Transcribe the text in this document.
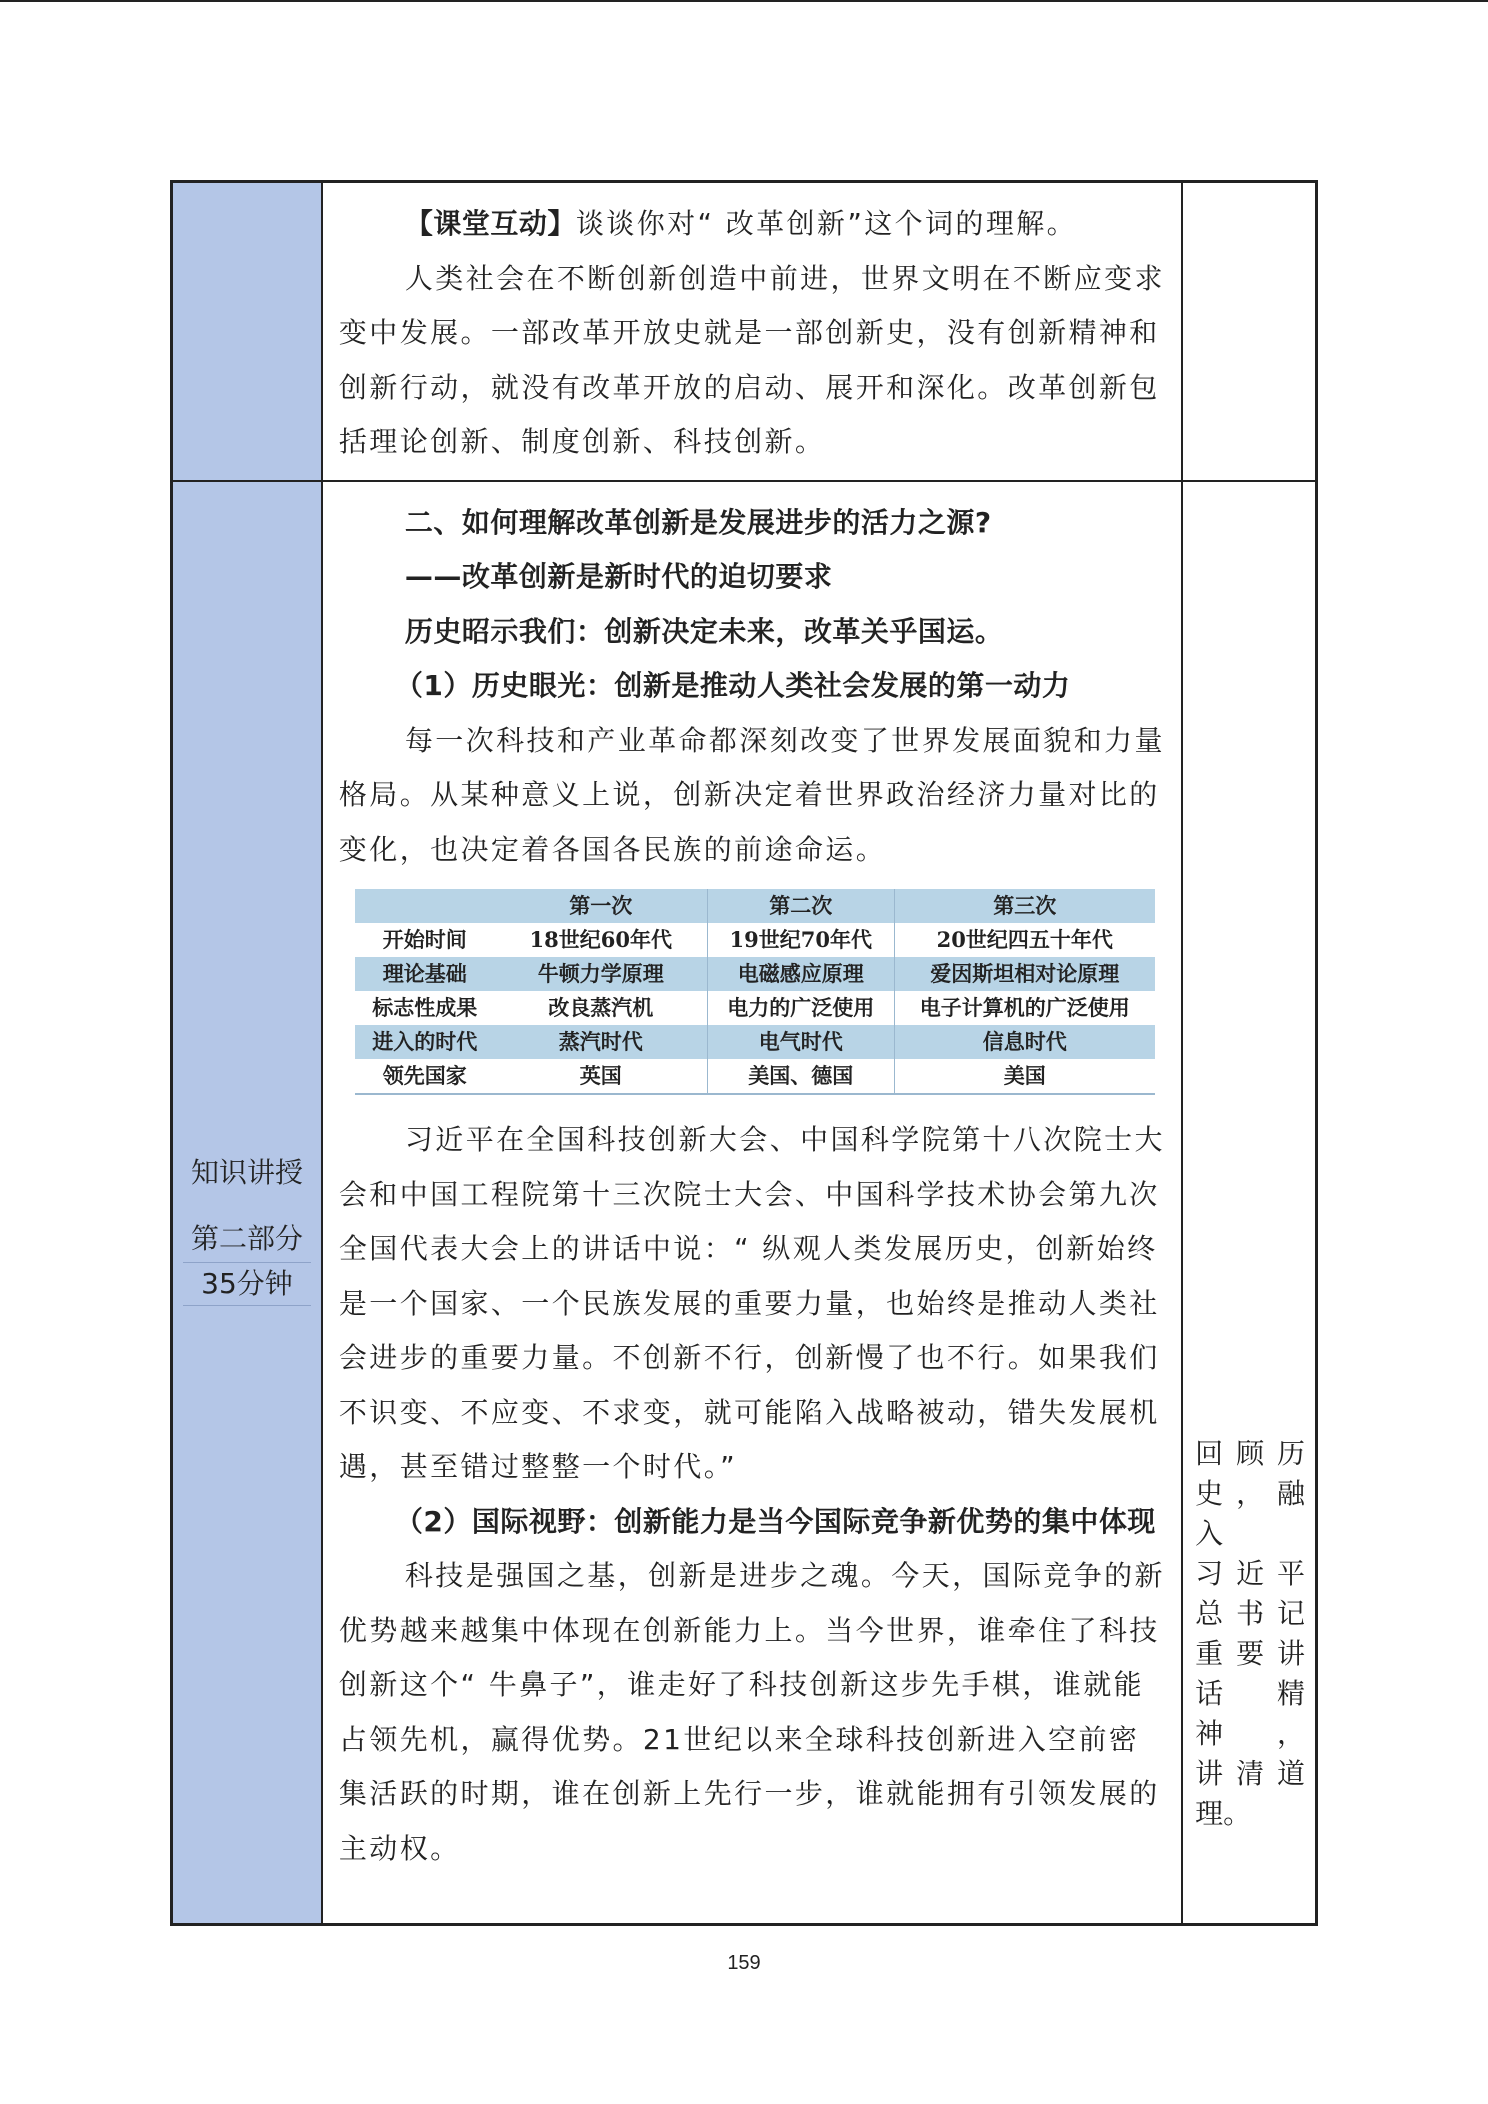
【课堂互动】谈谈你对“ 改革创新”这个词的理解。

人类社会在不断创新创造中前进，世界文明在不断应变求变中发展。一部改革开放史就是一部创新史，没有创新精神和创新行动，就没有改革开放的启动、展开和深化。改革创新包括理论创新、制度创新、科技创新。

知识讲授
第二部分
35分钟

二、如何理解改革创新是发展进步的活力之源?

——改革创新是新时代的迫切要求

历史昭示我们：创新决定未来，改革关乎国运。

（1）历史眼光：创新是推动人类社会发展的第一动力

每一次科技和产业革命都深刻改变了世界发展面貌和力量格局。从某种意义上说，创新决定着世界政治经济力量对比的变化，也决定着各国各民族的前途命运。

	第一次	第二次	第三次
开始时间	18世纪60年代	19世纪70年代	20世纪四五十年代
理论基础	牛顿力学原理	电磁感应原理	爱因斯坦相对论原理
标志性成果	改良蒸汽机	电力的广泛使用	电子计算机的广泛使用
进入的时代	蒸汽时代	电气时代	信息时代
领先国家	英国	美国、德国	美国

习近平在全国科技创新大会、中国科学院第十八次院士大会和中国工程院第十三次院士大会、中国科学技术协会第九次全国代表大会上的讲话中说：“ 纵观人类发展历史，创新始终是一个国家、一个民族发展的重要力量，也始终是推动人类社会进步的重要力量。不创新不行，创新慢了也不行。如果我们不识变、不应变、不求变，就可能陷入战略被动，错失发展机遇，甚至错过整整一个时代。”

（2）国际视野：创新能力是当今国际竞争新优势的集中体现

科技是强国之基，创新是进步之魂。今天，国际竞争的新优势越来越集中体现在创新能力上。当今世界，谁牵住了科技创新这个“ 牛鼻子”，谁走好了科技创新这步先手棋，谁就能占领先机，赢得优势。21世纪以来全球科技创新进入空前密集活跃的时期，谁在创新上先行一步，谁就能拥有引领发展的主动权。

回顾历
史，融入
习近平
总书记
重要讲
话精神，
讲清道
理。
159
